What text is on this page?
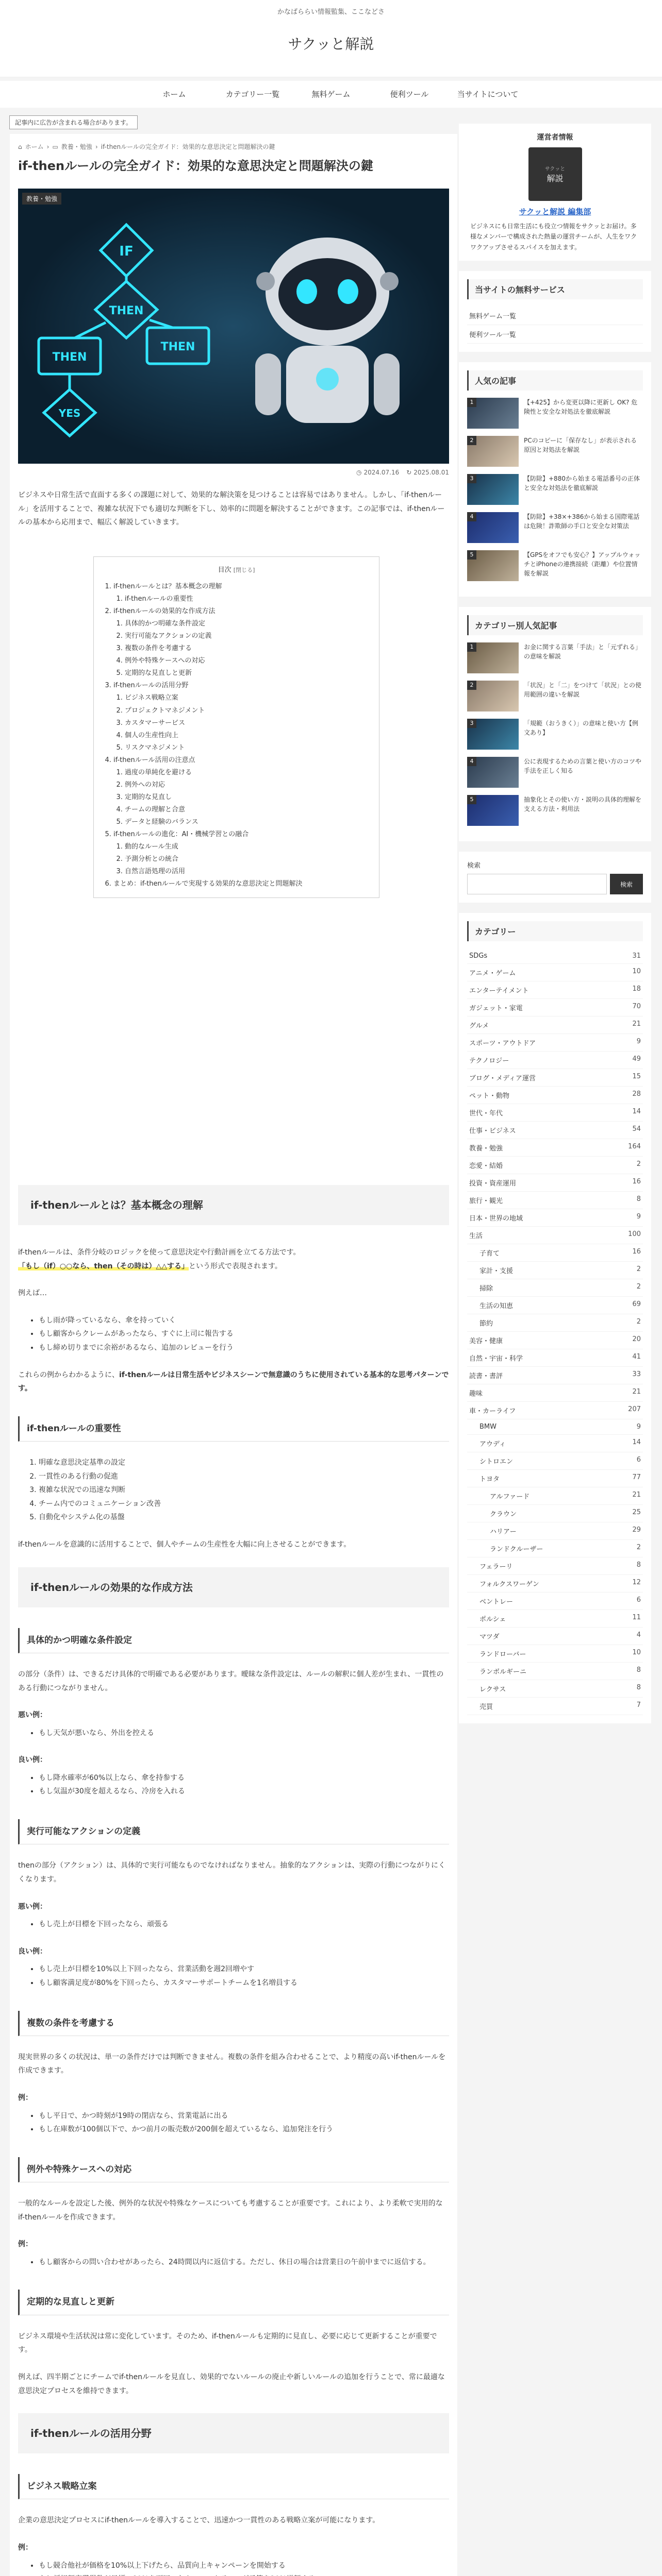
かなばららい情報監集、ここなどさ
サクッと解説
ホーム	カテゴリー一覧	無料ゲーム	便利ツール	当サイトについて
記事内に広告が含まれる場合があります。
⌂ ホーム › ▭ 教養・勉強 › if-thenルールの完全ガイド：効果的な意思決定と問題解決の鍵
if-thenルールの完全ガイド：効果的な意思決定と問題解決の鍵
IF
THEN
THEN
THEN
YES
教養・勉強
◷ 2024.07.16 ↻ 2025.08.01

ビジネスや日常生活で直面する多くの課題に対して、効果的な解決策を見つけることは容易ではありません。しかし、「if-thenルール」を活用することで、複雑な状況下でも適切な判断を下し、効率的に問題を解決することができます。この記事では、if-thenルールの基本から応用まで、幅広く解説していきます。

目次 [閉じる]
1. if-thenルールとは？基本概念の理解
1. if-thenルールの重要性
2. if-thenルールの効果的な作成方法
1. 具体的かつ明確な条件設定
2. 実行可能なアクションの定義
3. 複数の条件を考慮する
4. 例外や特殊ケースへの対応
5. 定期的な見直しと更新
3. if-thenルールの活用分野
1. ビジネス戦略立案
2. プロジェクトマネジメント
3. カスタマーサービス
4. 個人の生産性向上
5. リスクマネジメント
4. if-thenルール活用の注意点
1. 過度の単純化を避ける
2. 例外への対応
3. 定期的な見直し
4. チームの理解と合意
5. データと経験のバランス
5. if-thenルールの進化：AI・機械学習との融合
1. 動的なルール生成
2. 予測分析との統合
3. 自然言語処理の活用
6. まとめ：if-thenルールで実現する効果的な意思決定と問題解決
if-thenルールとは？基本概念の理解

if-thenルールは、条件分岐のロジックを使って意思決定や行動計画を立てる方法です。
「もし（if）○○なら、then（その時は）△△する」という形式で表現されます。

例えば…

• もし雨が降っているなら、傘を持っていく
• もし顧客からクレームがあったなら、すぐに上司に報告する
• もし締め切りまでに余裕があるなら、追加のレビューを行う

これらの例からわかるように、if-thenルールは日常生活やビジネスシーンで無意識のうちに使用されている基本的な思考パターンです。

if-thenルールの重要性
1. 明確な意思決定基準の設定
2. 一貫性のある行動の促進
3. 複雑な状況での迅速な判断
4. チーム内でのコミュニケーション改善
5. 自動化やシステム化の基盤

if-thenルールを意識的に活用することで、個人やチームの生産性を大幅に向上させることができます。

if-thenルールの効果的な作成方法
具体的かつ明確な条件設定

の部分（条件）は、できるだけ具体的で明確である必要があります。曖昧な条件設定は、ルールの解釈に個人差が生まれ、一貫性のある行動につながりません。

悪い例：

• もし天気が悪いなら、外出を控える

良い例：

• もし降水確率が60%以上なら、傘を持参する
• もし気温が30度を超えるなら、冷房を入れる
実行可能なアクションの定義

thenの部分（アクション）は、具体的で実行可能なものでなければなりません。抽象的なアクションは、実際の行動につながりにくくなります。

悪い例：

• もし売上が目標を下回ったなら、頑張る

良い例：

• もし売上が目標を10%以上下回ったなら、営業活動を週2回増やす
• もし顧客満足度が80%を下回ったら、カスタマーサポートチームを1名増員する
複数の条件を考慮する

現実世界の多くの状況は、単一の条件だけでは判断できません。複数の条件を組み合わせることで、より精度の高いif-thenルールを作成できます。

例：

• もし平日で、かつ時刻が19時の閉店なら、営業電話に出る
• もし在庫数が100個以下で、かつ前月の販売数が200個を超えているなら、追加発注を行う
例外や特殊ケースへの対応

一般的なルールを設定した後、例外的な状況や特殊なケースについても考慮することが重要です。これにより、より柔軟で実用的なif-thenルールを作成できます。

例：

• もし顧客からの問い合わせがあったら、24時間以内に返信する。ただし、休日の場合は営業日の午前中までに返信する。
定期的な見直しと更新

ビジネス環境や生活状況は常に変化しています。そのため、if-thenルールも定期的に見直し、必要に応じて更新することが重要です。

例えば、四半期ごとにチームでif-thenルールを見直し、効果的でないルールの廃止や新しいルールの追加を行うことで、常に最適な意思決定プロセスを維持できます。

if-thenルールの活用分野
ビジネス戦略立案

企業の意思決定プロセスにif-thenルールを導入することで、迅速かつ一貫性のある戦略立案が可能になります。

例：

• もし競合他社が価格を10%以上下げたら、品質向上キャンペーンを開始する
•

運営者情報
サクッと
解説
サクッと解説 編集部

ビジネスにも日常生活にも役立つ情報をサクッとお届け。多様なメンバーで構成された熱量の運営チームが、人生をワクワクアップさせるスパイスを加えます。

当サイトの無料サービス
無料ゲーム一覧
便利ツール一覧
人気の記事
1	【+425】から変更以降に更新し OK? 危険性と安全な対処法を徹底解説
2	PCのコピーに「保存なし」が表示される原因と対処法を解説
3	【防除】+880から始まる電話番号の正体と安全な対処法を徹底解説
4	【防除】+38×+386から始まる国際電話は危険！詐欺師の手口と安全な対策法
5	【GPSをオフでも安心？】アップルウォッチとiPhoneの連携接続（距離）や位置情報を解説
カテゴリー別人気記事
1	お金に関する言葉「手法」と「元ずれる」の意味を解説
2	「状況」と「二」をつけて「状況」との使用範囲の違いを解説
3	「規範（おうきく）」の意味と使い方【例文あり】
4	公に表現するための言葉と使い方のコツや手法を正しく知る
5	抽象化とその使い方・説明の具体的理解を支える方法・利用法
検索
検索
カテゴリー
SDGs	31
アニメ・ゲーム	10
エンターテイメント	18
ガジェット・家電	70
グルメ	21
スポーツ・アウトドア	9
テクノロジー	49
ブログ・メディア運営	15
ペット・動物	28
世代・年代	14
仕事・ビジネス	54
教養・勉強	164
恋愛・結婚	2
投資・資産運用	16
旅行・観光	8
日本・世界の地域	9
生活	100
子育て	16
家計・支援	2
掃除	2
生活の知恵	69
節約	2
美容・健康	20
自然・宇宙・科学	41
読書・書評	33
趣味	21
車・カーライフ	207
BMW	9
アウディ	14
シトロエン	6
トヨタ	77
アルファード	21
クラウン	25
ハリアー	29
ランドクルーザー	2
フェラーリ	8
フォルクスワーゲン	12
ベントレー	6
ポルシェ	11
マツダ	4
ランドローバー	10
ランボルギーニ	8
レクサス	8
売買	7
